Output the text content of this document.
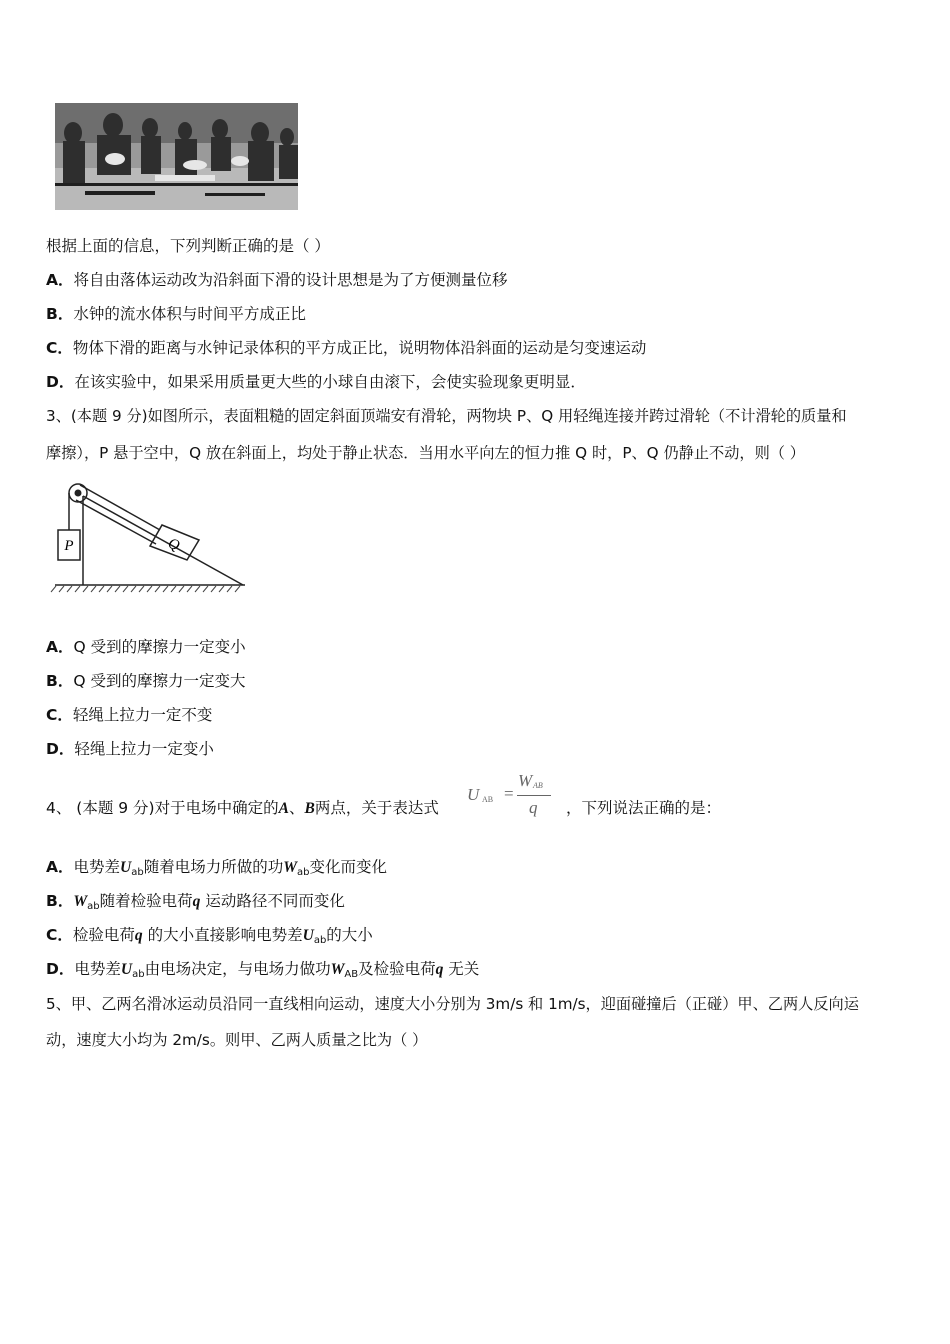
根据上面的信息，下列判断正确的是（ ）
A．将自由落体运动改为沿斜面下滑的设计思想是为了方便测量位移
B．水钟的流水体积与时间平方成正比
C．物体下滑的距离与水钟记录体积的平方成正比，说明物体沿斜面的运动是匀变速运动
D．在该实验中，如果采用质量更大些的小球自由滚下，会使实验现象更明显．
3、(本题 9 分)如图所示，表面粗糙的固定斜面顶端安有滑轮，两物块 P、Q 用轻绳连接并跨过滑轮（不计滑轮的质量和
摩擦），P 悬于空中，Q 放在斜面上，均处于静止状态．当用水平向左的恒力推 Q 时，P、Q 仍静止不动，则（ ）
P	Q
A．Q 受到的摩擦力一定变小
B．Q 受到的摩擦力一定变大
C．轻绳上拉力一定不变
D．轻绳上拉力一定变小
4、 (本题 9 分)对于电场中确定的A、B两点，关于表达式
U AB =
W AB
q ，下列说法正确的是：
A．电势差$U_{ab}$随着电场力所做的功$W_{ab}$变化而变化
B．$W_{ab}$随着检验电荷q 运动路径不同而变化
C．检验电荷q 的大小直接影响电势差$U_{ab}$的大小
D．电势差$U_{ab}$由电场决定，与电场力做功$W_{AB}$及检验电荷q 无关
5、甲、乙两名滑冰运动员沿同一直线相向运动，速度大小分别为 3m/s 和 1m/s，迎面碰撞后（正碰）甲、乙两人反向运
动，速度大小均为 2m/s。则甲、乙两人质量之比为（ ）
